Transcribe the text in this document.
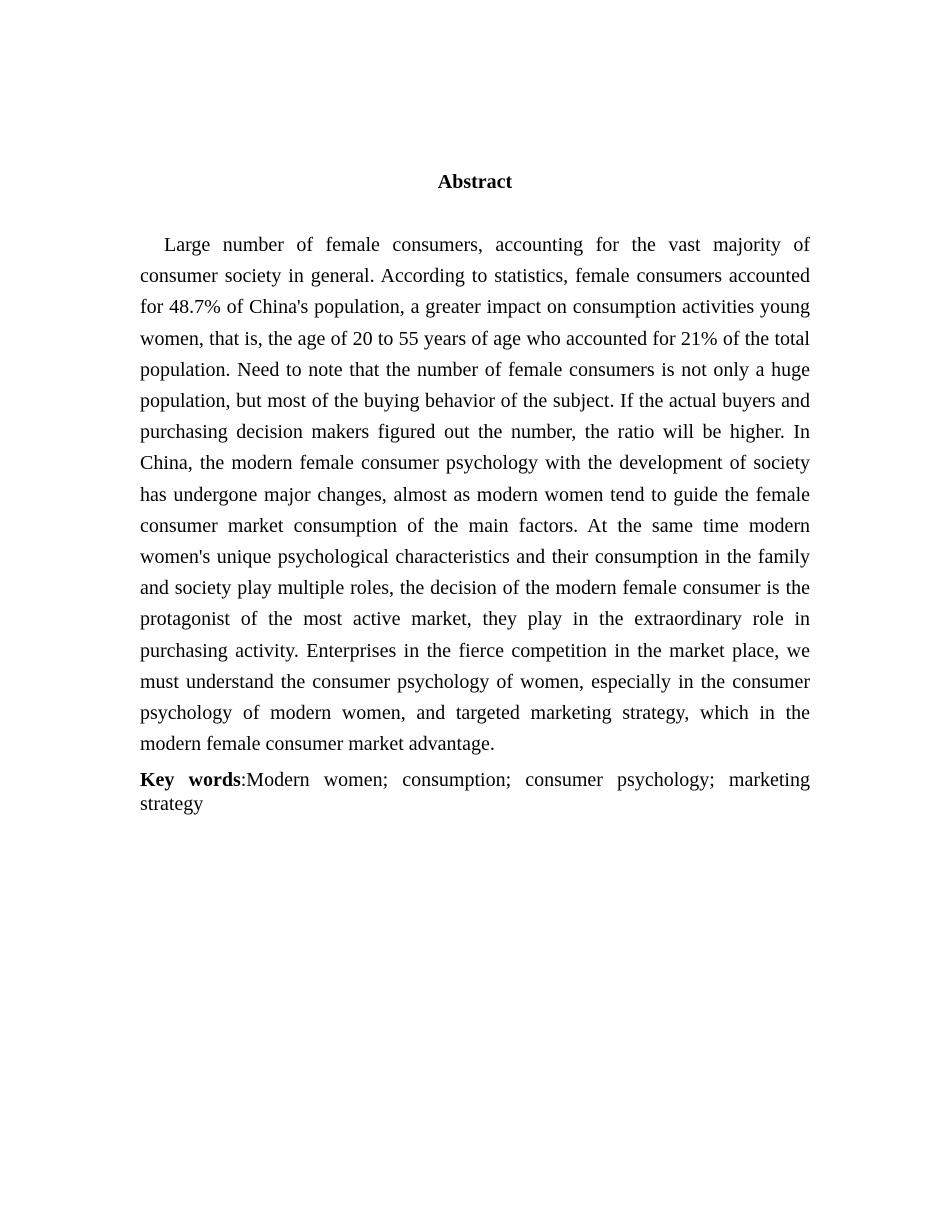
Abstract

Large number of female consumers, accounting for the vast majority of consumer society in general. According to statistics, female consumers accounted for 48.7% of China's population, a greater impact on consumption activities young women, that is, the age of 20 to 55 years of age who accounted for 21% of the total population. Need to note that the number of female consumers is not only a huge population, but most of the buying behavior of the subject. If the actual buyers and purchasing decision makers figured out the number, the ratio will be higher. In China, the modern female consumer psychology with the development of society has undergone major changes, almost as modern women tend to guide the female consumer market consumption of the main factors. At the same time modern women's unique psychological characteristics and their consumption in the family and society play multiple roles, the decision of the modern female consumer is the protagonist of the most active market, they play in the extraordinary role in purchasing activity. Enterprises in the fierce competition in the market place, we must understand the consumer psychology of women, especially in the consumer psychology of modern women, and targeted marketing strategy, which in the modern female consumer market advantage.

Key words:Modern women; consumption; consumer psychology; marketing strategy
